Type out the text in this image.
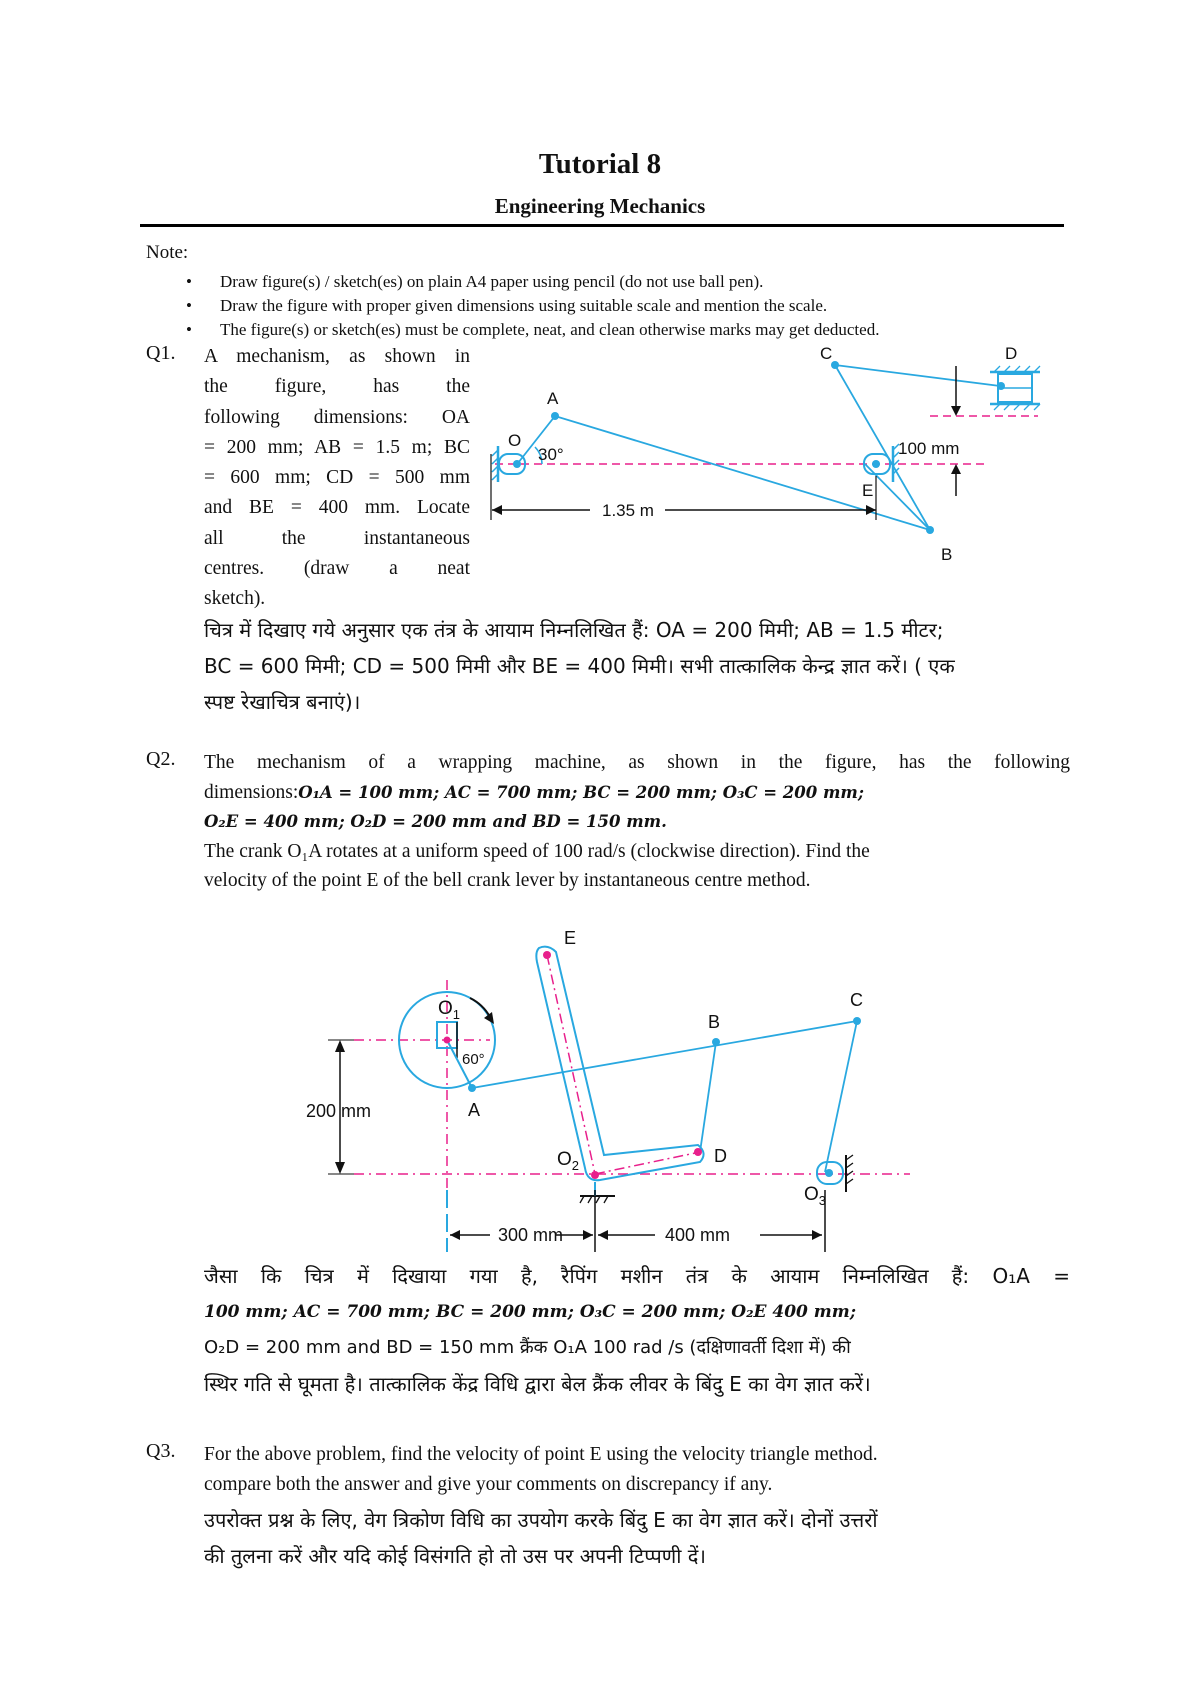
Tutorial 8
Engineering Mechanics
Note:
• Draw figure(s) / sketch(es) on plain A4 paper using pencil (do not use ball pen).
• Draw the figure with proper given dimensions using suitable scale and mention the scale.
• The figure(s) or sketch(es) must be complete, neat, and clean otherwise marks may get deducted.
Q1. A mechanism, as shown in
the figure, has the
following dimensions: OA
= 200 mm; AB = 1.5 m; BC
= 600 mm; CD = 500 mm
and BE = 400 mm. Locate
all the instantaneous
centres. (draw a neat
sketch).
O
A
B
C	D
E
30°	100 mm
1.35 m
चित्र में दिखाए गये अनुसार एक तंत्र के आयाम निम्नलिखित हैं: OA = 200 मिमी; AB = 1.5 मीटर;
BC = 600 मिमी; CD = 500 मिमी और BE = 400 मिमी। सभी तात्कालिक केन्द्र ज्ञात करें। ( एक
स्पष्ट रेखाचित्र बनाएं)।
Q2. The mechanism of a wrapping machine, as shown in the figure, has the following
dimensions:O₁A = 100 mm; AC = 700 mm; BC = 200 mm; O₃C = 200 mm;
O₂E = 400 mm; O₂D = 200 mm and BD = 150 mm.
The crank O₁A rotates at a uniform speed of 100 rad/s (clockwise direction). Find the
velocity of the point E of the bell crank lever by instantaneous centre method.
$O_1$
$O_2$
$O_3$
A
B
C
D
E
60°
200 mm
300 mm	400 mm
जैसा कि चित्र में दिखाया गया है, रैपिंग मशीन तंत्र के आयाम निम्नलिखित हैं: O₁A =
100 mm; AC = 700 mm; BC = 200 mm; O₃C = 200 mm; O₂E 400 mm;
O₂D = 200 mm and BD = 150 mm क्रैंक O₁A 100 rad /s (दक्षिणावर्ती दिशा में) की
स्थिर गति से घूमता है। तात्कालिक केंद्र विधि द्वारा बेल क्रैंक लीवर के बिंदु E का वेग ज्ञात करें।
Q3. For the above problem, find the velocity of point E using the velocity triangle method.
compare both the answer and give your comments on discrepancy if any.
उपरोक्त प्रश्न के लिए, वेग त्रिकोण विधि का उपयोग करके बिंदु E का वेग ज्ञात करें। दोनों उत्तरों
की तुलना करें और यदि कोई विसंगति हो तो उस पर अपनी टिप्पणी दें।
